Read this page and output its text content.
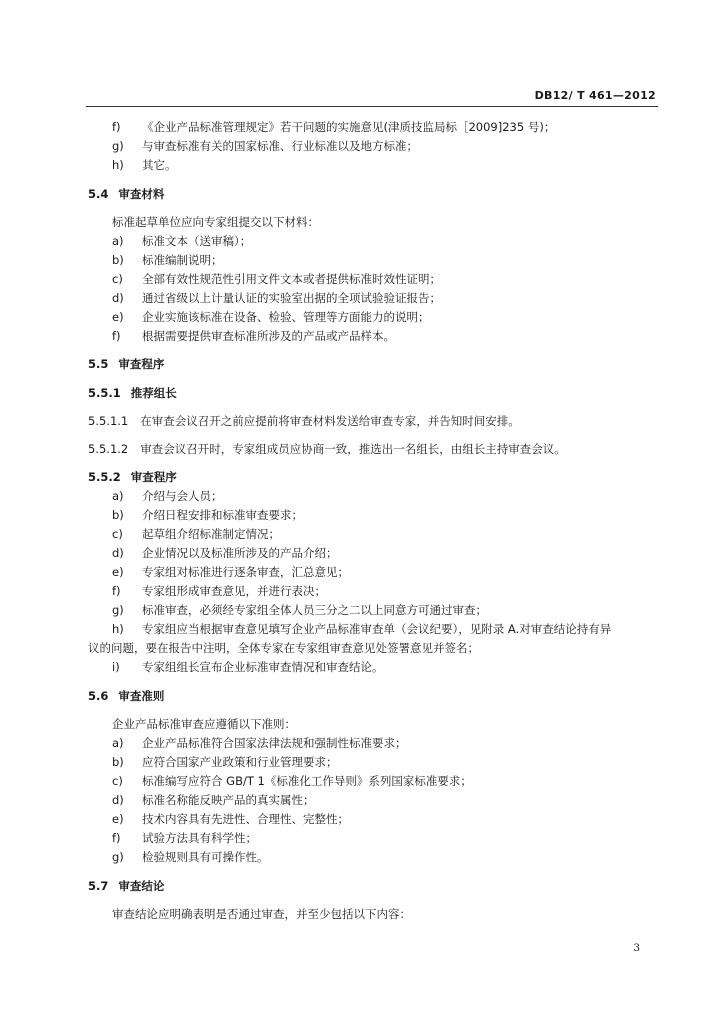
DB12/ T 461—2012
f) 《企业产品标准管理规定》若干问题的实施意见(津质技监局标［2009]235 号)；
g) 与审查标准有关的国家标准、行业标准以及地方标准；
h) 其它。
5.4 审查材料
标准起草单位应向专家组提交以下材料：
a) 标准文本（送审稿）；
b) 标准编制说明；
c) 全部有效性规范性引用文件文本或者提供标准时效性证明；
d) 通过省级以上计量认证的实验室出据的全项试验验证报告；
e) 企业实施该标准在设备、检验、管理等方面能力的说明；
f) 根据需要提供审查标准所涉及的产品或产品样本。
5.5 审查程序
5.5.1 推荐组长
5.5.1.1 在审查会议召开之前应提前将审查材料发送给审查专家，并告知时间安排。
5.5.1.2 审查会议召开时，专家组成员应协商一致，推选出一名组长，由组长主持审查会议。
5.5.2 审查程序
a) 介绍与会人员；
b) 介绍日程安排和标准审查要求；
c) 起草组介绍标准制定情况；
d) 企业情况以及标准所涉及的产品介绍；
e) 专家组对标准进行逐条审查，汇总意见；
f) 专家组形成审查意见，并进行表决；
g) 标准审查，必须经专家组全体人员三分之二以上同意方可通过审查；
h) 专家组应当根据审查意见填写企业产品标准审查单（会议纪要），见附录 A.对审查结论持有异
议的问题，要在报告中注明，全体专家在专家组审查意见处签署意见并签名；
i) 专家组组长宣布企业标准审查情况和审查结论。
5.6 审查准则
企业产品标准审查应遵循以下准则：
a) 企业产品标准符合国家法律法规和强制性标准要求；
b) 应符合国家产业政策和行业管理要求；
c) 标准编写应符合 GB/T 1《标准化工作导则》系列国家标准要求；
d) 标准名称能反映产品的真实属性；
e) 技术内容具有先进性、合理性、完整性；
f) 试验方法具有科学性；
g) 检验规则具有可操作性。
5.7 审查结论
审查结论应明确表明是否通过审查，并至少包括以下内容：
3
